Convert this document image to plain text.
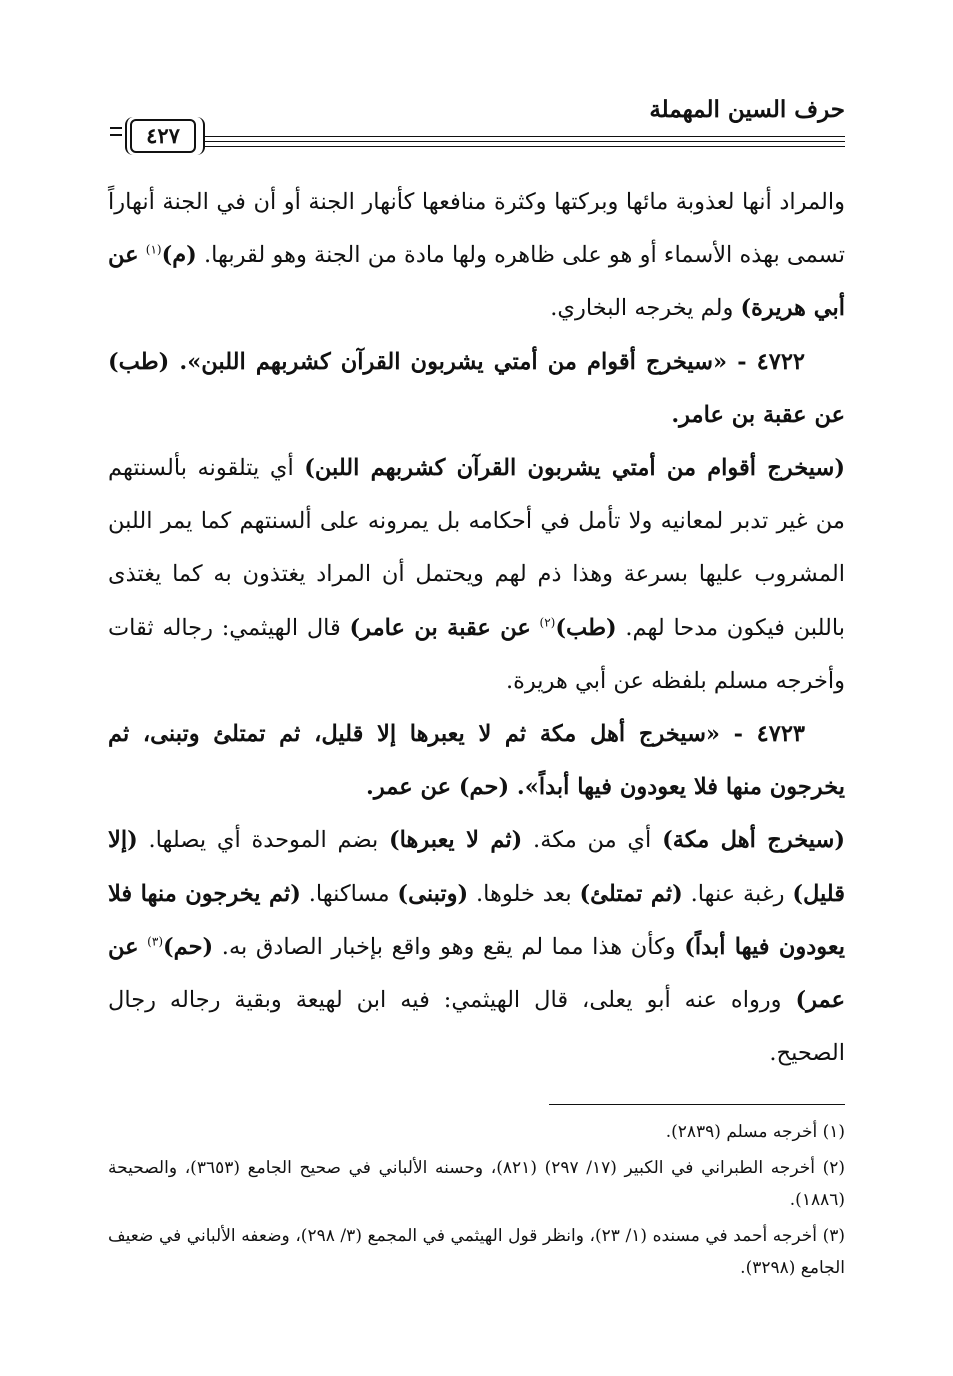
حرف السين المهملة
٤٢٧

والمراد أنها لعذوبة مائها وبركتها وكثرة منافعها كأنهار الجنة أو أن في الجنة أنهاراً تسمى بهذه الأسماء أو هو على ظاهره ولها مادة من الجنة وهو لقربها. (م)$^{(١)}$ عن أبي هريرة) ولم يخرجه البخاري.

٤٧٢٢ - «سيخرج أقوام من أمتي يشربون القرآن كشربهم اللبن». (طب) عن عقبة بن عامر.

(سيخرج أقوام من أمتي يشربون القرآن كشربهم اللبن) أي يتلقونه بألسنتهم من غير تدبر لمعانيه ولا تأمل في أحكامه بل يمرونه على ألسنتهم كما يمر اللبن المشروب عليها بسرعة وهذا ذم لهم ويحتمل أن المراد يغتذون به كما يغتذى باللبن فيكون مدحا لهم. (طب)$^{(٢)}$ عن عقبة بن عامر) قال الهيثمي: رجاله ثقات وأخرجه مسلم بلفظه عن أبي هريرة.

٤٧٢٣ - «سيخرج أهل مكة ثم لا يعبرها إلا قليل، ثم تمتلئ وتبنى، ثم يخرجون منها فلا يعودون فيها أبداً». (حم) عن عمر.

(سيخرج أهل مكة) أي من مكة. (ثم لا يعبرها) بضم الموحدة أي يصلها. (إلا قليل) رغبة عنها. (ثم تمتلئ) بعد خلوها. (وتبنى) مساكنها. (ثم يخرجون منها فلا يعودون فيها أبداً) وكأن هذا مما لم يقع وهو واقع بإخبار الصادق به. (حم)$^{(٣)}$ عن عمر) ورواه عنه أبو يعلى، قال الهيثمي: فيه ابن لهيعة وبقية رجاله رجال الصحيح.

(١) أخرجه مسلم (٢٨٣٩).

(٢) أخرجه الطبراني في الكبير (١٧/ ٢٩٧) (٨٢١)، وحسنه الألباني في صحيح الجامع (٣٦٥٣)، والصحيحة (١٨٨٦).

(٣) أخرجه أحمد في مسنده (١/ ٢٣)، وانظر قول الهيثمي في المجمع (٣/ ٢٩٨)، وضعفه الألباني في ضعيف الجامع (٣٢٩٨).
